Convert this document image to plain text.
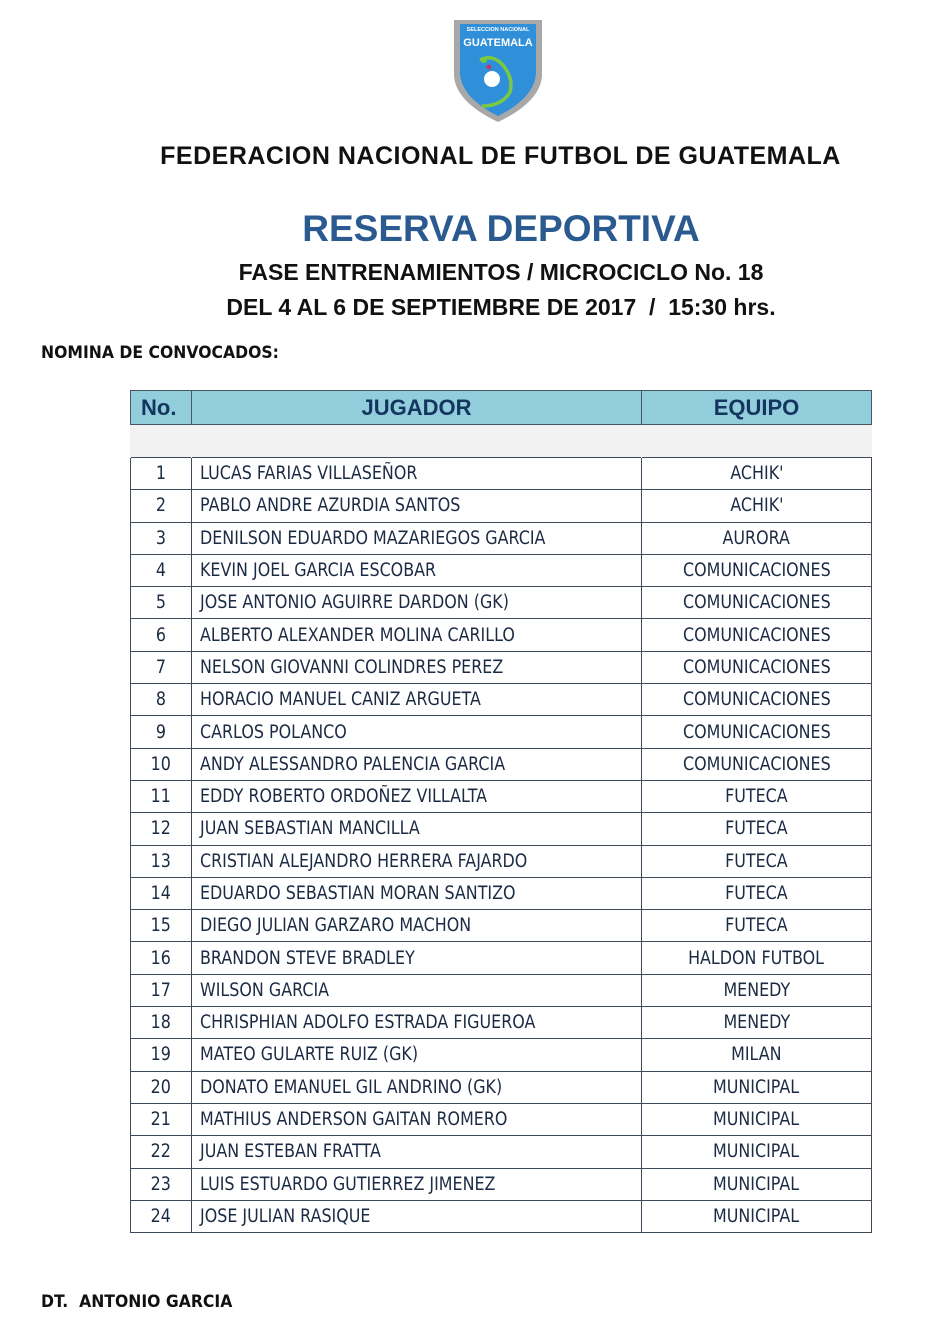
SELECCION NACIONAL
GUATEMALA
FEDERACION NACIONAL DE FUTBOL DE GUATEMALA
RESERVA DEPORTIVA
FASE ENTRENAMIENTOS / MICROCICLO No. 18
DEL 4 AL 6 DE SEPTIEMBRE DE 2017  /  15:30 hrs.
NOMINA DE CONVOCADOS:
No.	JUGADOR	EQUIPO

1	LUCAS FARIAS VILLASEÑOR	ACHIK'
2	PABLO ANDRE AZURDIA SANTOS	ACHIK'
3	DENILSON EDUARDO MAZARIEGOS GARCIA	AURORA
4	KEVIN JOEL GARCIA ESCOBAR	COMUNICACIONES
5	JOSE ANTONIO AGUIRRE DARDON (GK)	COMUNICACIONES
6	ALBERTO ALEXANDER MOLINA CARILLO	COMUNICACIONES
7	NELSON GIOVANNI COLINDRES PEREZ	COMUNICACIONES
8	HORACIO MANUEL CANIZ ARGUETA	COMUNICACIONES
9	CARLOS POLANCO	COMUNICACIONES
10	ANDY ALESSANDRO PALENCIA GARCIA	COMUNICACIONES
11	EDDY ROBERTO ORDOÑEZ VILLALTA	FUTECA
12	JUAN SEBASTIAN MANCILLA	FUTECA
13	CRISTIAN ALEJANDRO HERRERA FAJARDO	FUTECA
14	EDUARDO SEBASTIAN MORAN SANTIZO	FUTECA
15	DIEGO JULIAN GARZARO MACHON	FUTECA
16	BRANDON STEVE BRADLEY	HALDON FUTBOL
17	WILSON GARCIA	MENEDY
18	CHRISPHIAN ADOLFO ESTRADA FIGUEROA	MENEDY
19	MATEO GULARTE RUIZ (GK)	MILAN
20	DONATO EMANUEL GIL ANDRINO (GK)	MUNICIPAL
21	MATHIUS ANDERSON GAITAN ROMERO	MUNICIPAL
22	JUAN ESTEBAN FRATTA	MUNICIPAL
23	LUIS ESTUARDO GUTIERREZ JIMENEZ	MUNICIPAL
24	JOSE JULIAN RASIQUE	MUNICIPAL
DT.  ANTONIO GARCIA
